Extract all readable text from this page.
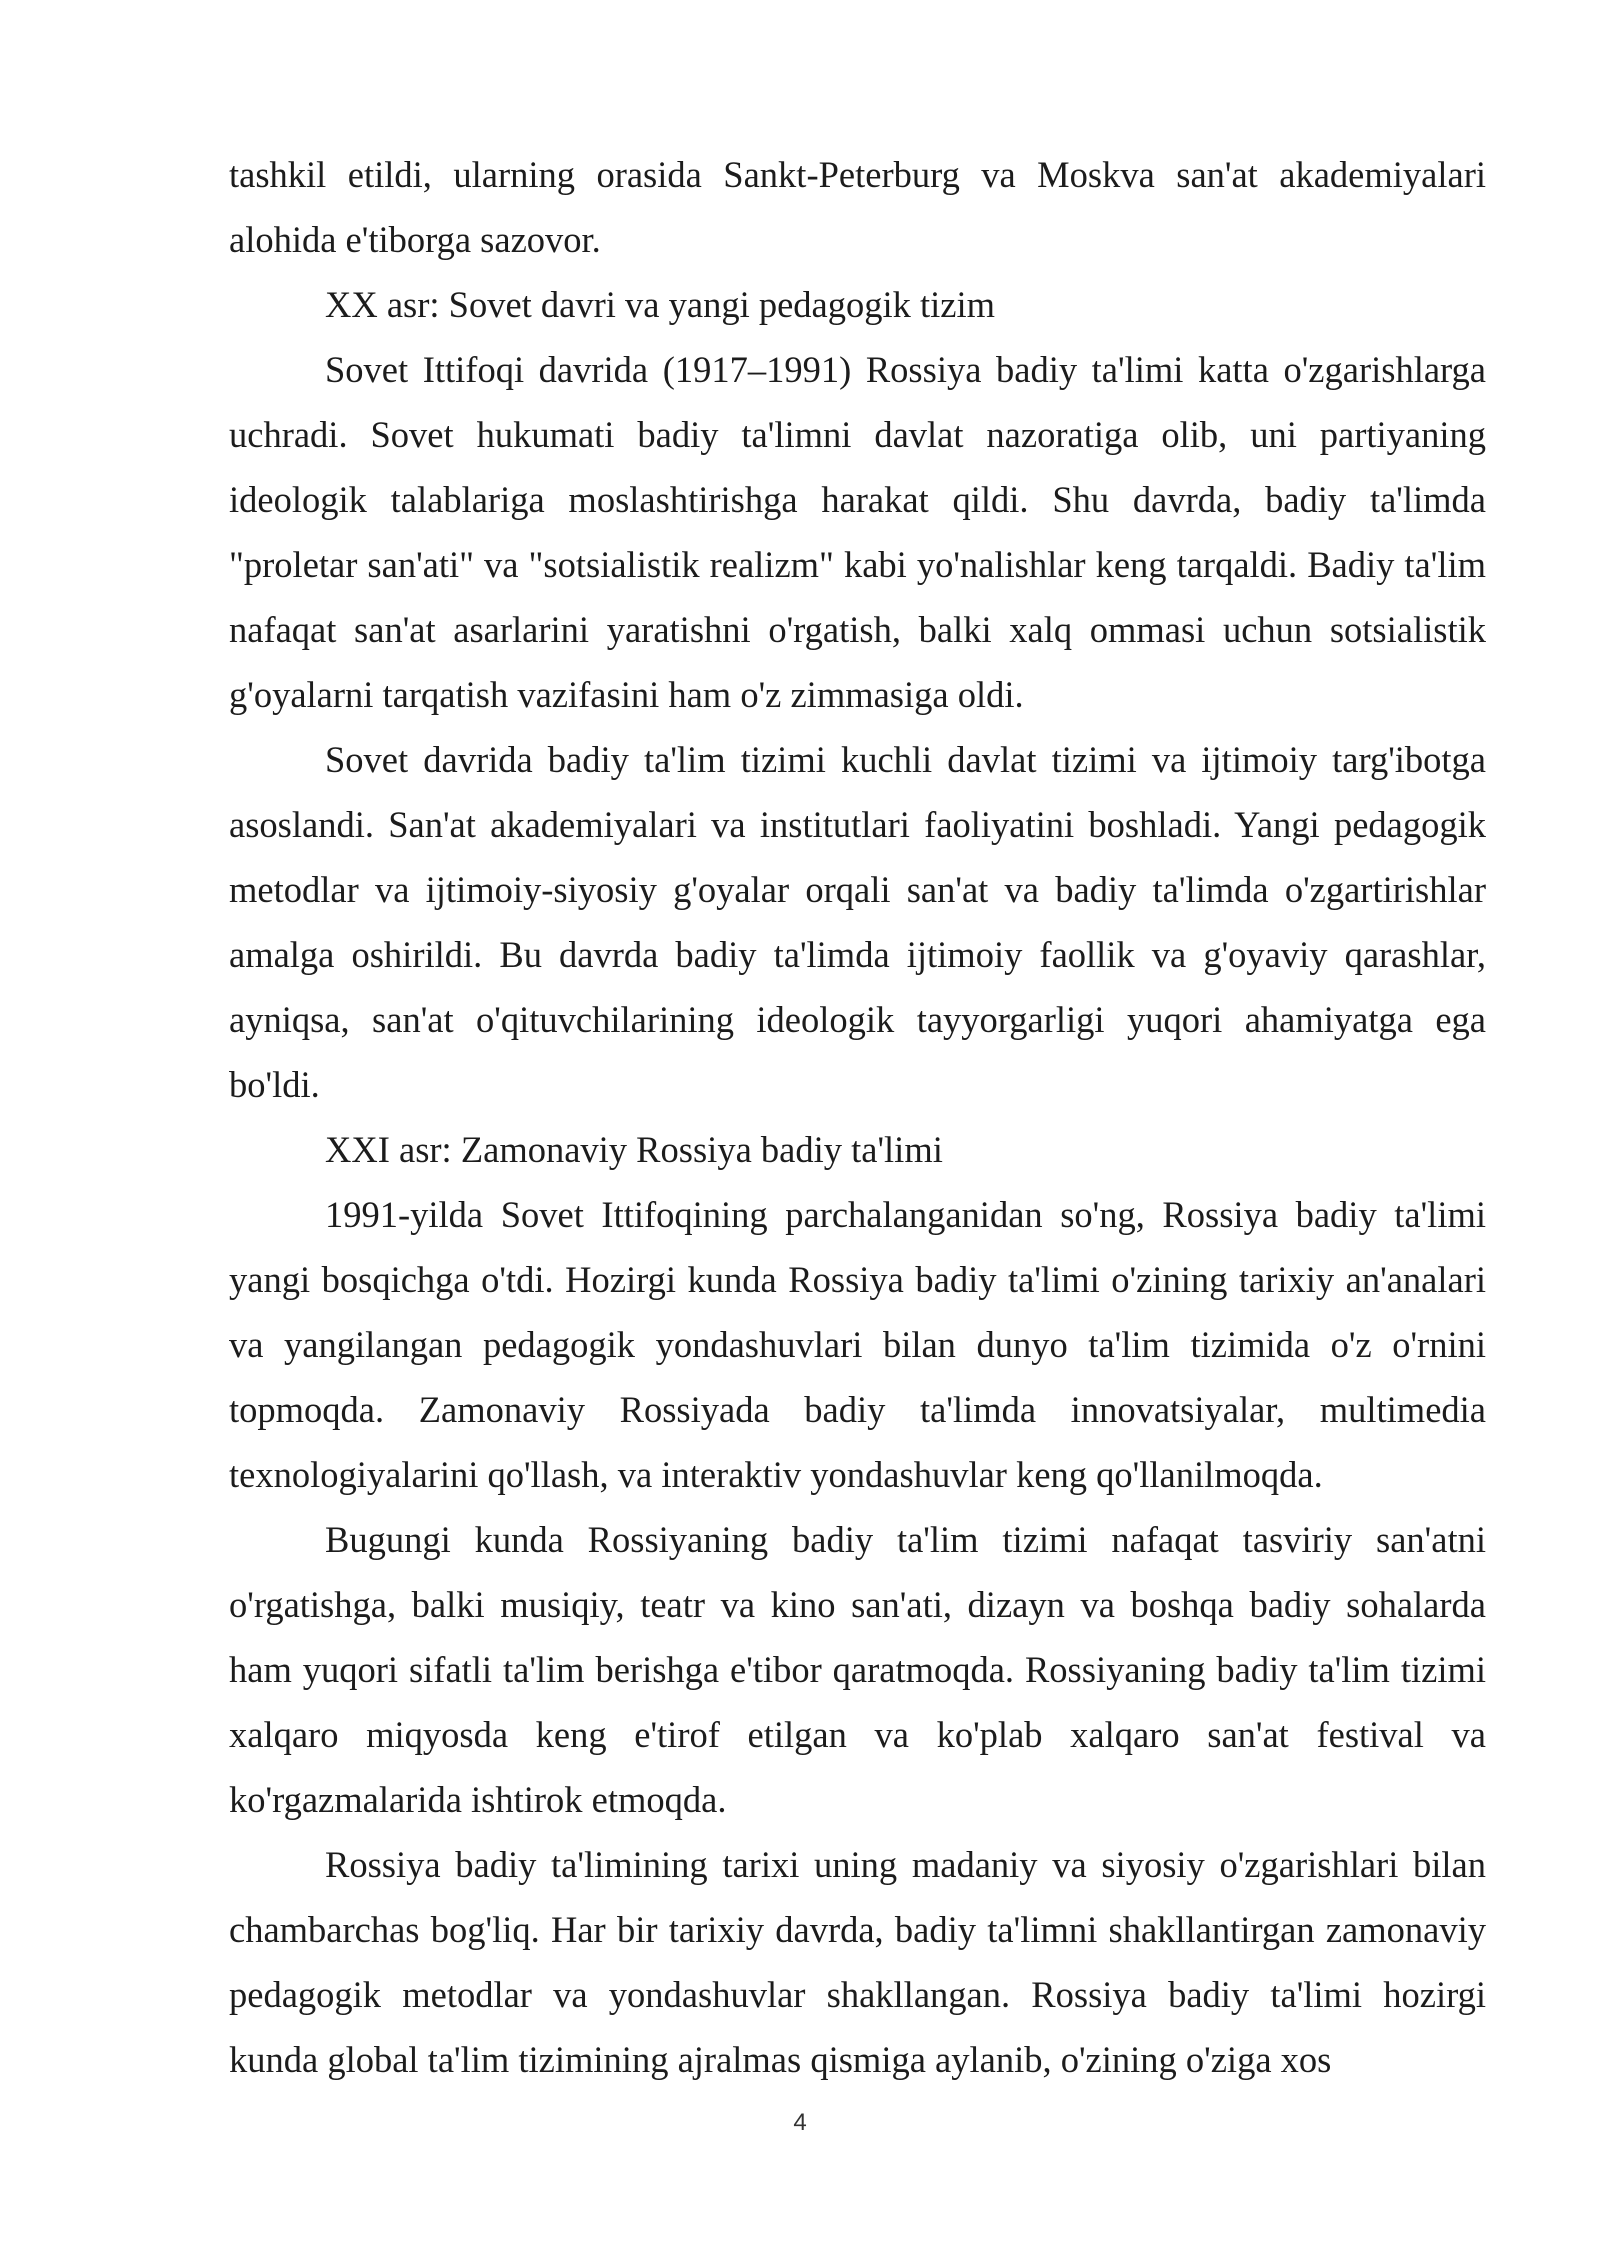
tashkil etildi, ularning orasida Sankt-Peterburg va Moskva san'at akademiyalari alohida e'tiborga sazovor.

XX asr: Sovet davri va yangi pedagogik tizim

Sovet Ittifoqi davrida (1917–1991) Rossiya badiy ta'limi katta o'zgarishlarga uchradi. Sovet hukumati badiy ta'limni davlat nazoratiga olib, uni partiyaning ideologik talablariga moslashtirishga harakat qildi. Shu davrda, badiy ta'limda "proletar san'ati" va "sotsialistik realizm" kabi yo'nalishlar keng tarqaldi. Badiy ta'lim nafaqat san'at asarlarini yaratishni o'rgatish, balki xalq ommasi uchun sotsialistik g'oyalarni tarqatish vazifasini ham o'z zimmasiga oldi.

Sovet davrida badiy ta'lim tizimi kuchli davlat tizimi va ijtimoiy targ'ibotga asoslandi. San'at akademiyalari va institutlari faoliyatini boshladi. Yangi pedagogik metodlar va ijtimoiy-siyosiy g'oyalar orqali san'at va badiy ta'limda o'zgartirishlar amalga oshirildi. Bu davrda badiy ta'limda ijtimoiy faollik va g'oyaviy qarashlar, ayniqsa, san'at o'qituvchilarining ideologik tayyorgarligi yuqori ahamiyatga ega bo'ldi.

XXI asr: Zamonaviy Rossiya badiy ta'limi

1991-yilda Sovet Ittifoqining parchalanganidan so'ng, Rossiya badiy ta'limi yangi bosqichga o'tdi. Hozirgi kunda Rossiya badiy ta'limi o'zining tarixiy an'analari va yangilangan pedagogik yondashuvlari bilan dunyo ta'lim tizimida o'z o'rnini topmoqda. Zamonaviy Rossiyada badiy ta'limda innovatsiyalar, multimedia texnologiyalarini qo'llash, va interaktiv yondashuvlar keng qo'llanilmoqda.

Bugungi kunda Rossiyaning badiy ta'lim tizimi nafaqat tasviriy san'atni o'rgatishga, balki musiqiy, teatr va kino san'ati, dizayn va boshqa badiy sohalarda ham yuqori sifatli ta'lim berishga e'tibor qaratmoqda. Rossiyaning badiy ta'lim tizimi xalqaro miqyosda keng e'tirof etilgan va ko'plab xalqaro san'at festival va ko'rgazmalarida ishtirok etmoqda.

Rossiya badiy ta'limining tarixi uning madaniy va siyosiy o'zgarishlari bilan chambarchas bog'liq. Har bir tarixiy davrda, badiy ta'limni shakllantirgan zamonaviy pedagogik metodlar va yondashuvlar shakllangan. Rossiya badiy ta'limi hozirgi kunda global ta'lim tizimining ajralmas qismiga aylanib, o'zining o'ziga xos

4
